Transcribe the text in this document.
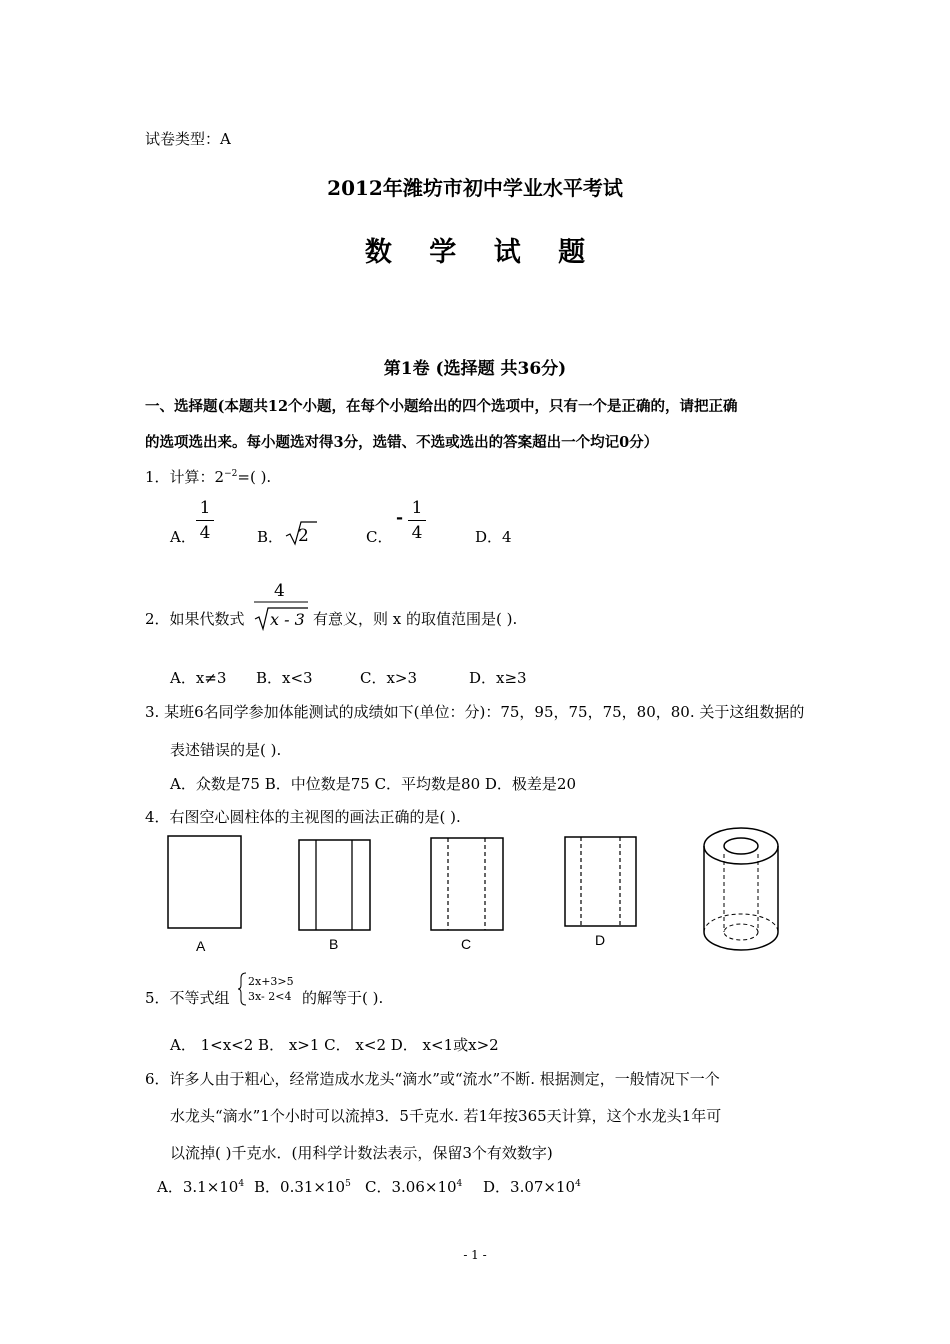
试卷类型：A
2012年潍坊市初中学业水平考试
数 学 试 题
第1卷 (选择题 共36分)
一、选择题(本题共12个小题，在每个小题给出的四个选项中，只有一个是正确的，请把正确
的选项选出来。每小题选对得3分，选错、不选或选出的答案超出一个均记0分）
1．计算：$2^{-2}=$( ).
A．
1
4	B． 2	C．
- 1
4	D．4
2．如果代数式
4
x - 3 有意义，则 x 的取值范围是( ).
A．x≠3 B．x<3	C．x>3	D．x≥3
3. 某班6名同学参加体能测试的成绩如下(单位：分)：75，95，75，75，80，80. 关于这组数据的
表述错误的是( ).
A．众数是75 B．中位数是75 C．平均数是80 D．极差是20
4．右图空心圆柱体的主视图的画法正确的是( ).
A	B	C	D
5．不等式组
2x+3>5
3x- 2<4 的解等于( ).
A． 1<x<2 B． x>1 C． x<2 D． x<1或x>2
6．许多人由于粗心，经常造成水龙头“滴水”或“流水”不断. 根据测定，一般情况下一个
水龙头“滴水”1个小时可以流掉3．5千克水. 若1年按365天计算，这个水龙头1年可
以流掉( )千克水．(用科学计数法表示，保留3个有效数字)
A．$3.1\times 10^4$ B．$0.31\times 10^5$ C．$3.06\times 10^4$ D．$3.07\times 10^4$
- 1 -
